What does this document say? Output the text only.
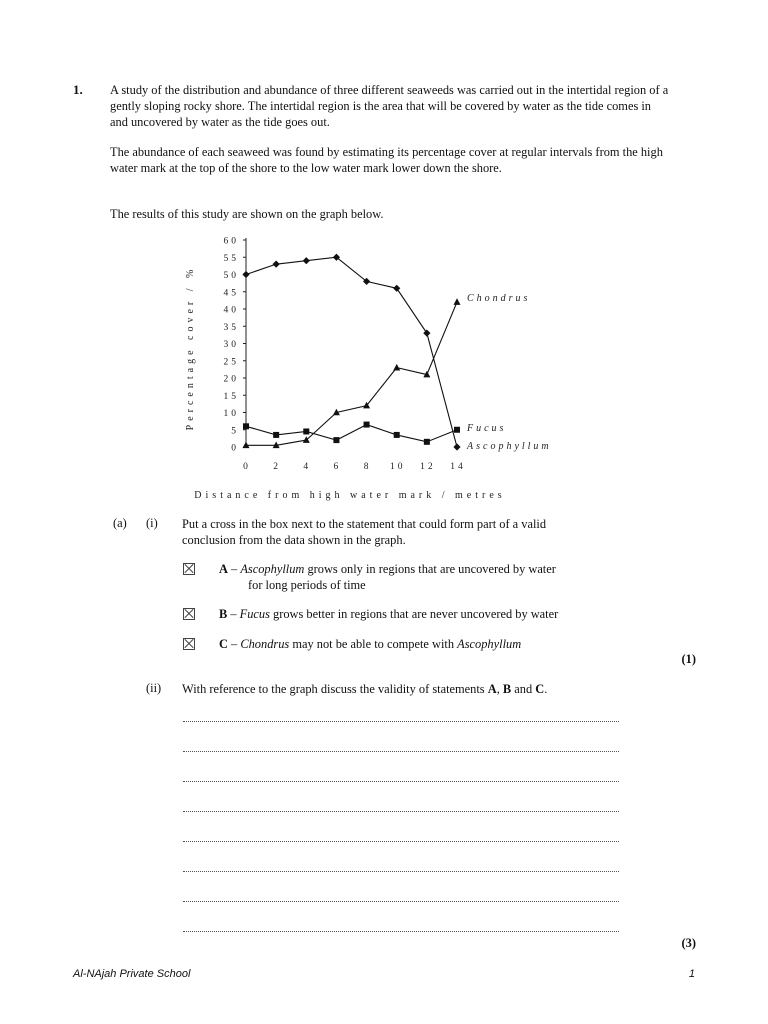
1. A study of the distribution and abundance of three different seaweeds was carried out in the intertidal region of a gently sloping rocky shore. The intertidal region is the area that will be covered by water as the tide comes in and uncovered by water as the tide goes out.
The abundance of each seaweed was found by estimating its percentage cover at regular intervals from the high water mark at the top of the shore to the low water mark lower down the shore.
The results of this study are shown on the graph below.
0
5
10
15
20
25
30
35
40
45
50
55
60
0 2 4 6 8 10 12 14
Chondrus
Fucus
Ascophyllum
Percentage cover / %
Distance from high water mark / metres
(a) (i) Put a cross in the box next to the statement that could form part of a valid
conclusion from the data shown in the graph.
A – Ascophyllum grows only in regions that are uncovered by water
for long periods of time
B – Fucus grows better in regions that are never uncovered by water
C – Chondrus may not be able to compete with Ascophyllum
(1)
(ii) With reference to the graph discuss the validity of statements A, B and C.
(3)
Al-NAjah Private School	1
